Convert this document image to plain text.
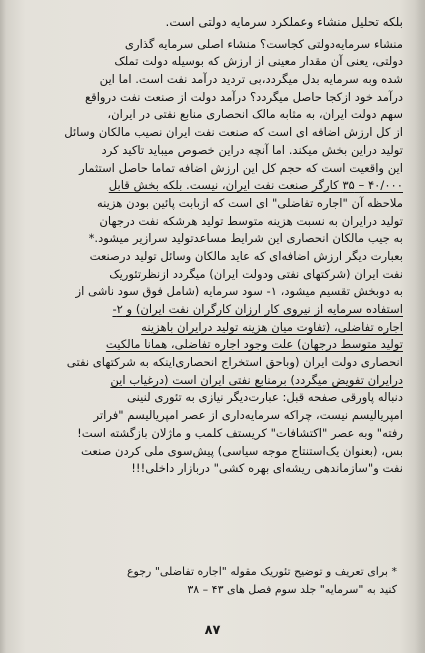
بلکه تحلیل منشاء وعملکرد سرمایه دولتی است.
منشاء سرمایه‌دولتی کجاست؟ منشاء اصلی سرمایه گذاری
دولتی، یعنی آن مقدار معینی از ارزش که بوسیله دولت تملک
شده وبه سرمایه بدل میگردد،بی تردید درآمد نفت است. اما این
درآمد خود ازکجا حاصل میگردد؟ درآمد دولت از صنعت نفت درواقع
سهم دولت ایران، به مثابه مالک انحصاری منابع نفتی در ایران،
از کل ارزش اضافه ای است که صنعت نفت ایران نصیب مالکان وسائل
تولید دراین بخش میکند. اما آنچه دراین خصوص میباید تاکید کرد
این واقعیت است که حجم کل این ارزش اضافه تماما حاصل استثمار
۴۰/۰۰۰ – ۳۵ کارگر صنعت نفت ایران، نیست. بلکه بخش قابل
ملاحظه آن "اجاره تفاضلی" ای است که ازبابت پائین بودن هزینه
تولید درایران به نسبت هزینه متوسط تولید هرشکه نفت درجهان
به جیب مالکان انحصاری این شرایط مساعدتولید سرازیر میشود.*
بعبارت دیگر ارزش اضافه‌ای که عاید مالکان وسائل تولید درصنعت
نفت ایران (شرکتهای نفتی ودولت ایران) میگردد ازنظرتئوریک
به دوبخش تقسیم میشود، ۱- سود سرمایه (شامل فوق سود ناشی از
استفاده سرمایه از نیروی کار ارزان کارگران نفت ایران) و ۲-
اجاره تفاضلی، (تفاوت میان هزینه تولید درایران باهزینه
تولید متوسط درجهان) علت وجود اجاره تفاضلی، همانا مالکیت
انحصاری دولت ایران (وباحق استخراج انحصاری‌اینکه به شرکتهای نفتی
درایران تفویض میگردد) برمنابع نفتی ایران است (درغیاب این
دنباله پاورقی صفحه قبل: عبارت‌دیگر نیازی به تئوری لنینی
امپریالیسم نیست، چراکه سرمایه‌داری از عصر امپریالیسم "فراتر
رفته" وبه عصر "اکتشافات" کریستف کلمب و ماژلان بازگشته است!
بس، (بعنوان یک‌استنتاج موجه سیاسی) پیش‌سوی ملی کردن صنعت
نفت و"سازماندهی ریشه‌ای بهره کشی" دربازار داخلی!!!
* برای تعریف و توضیح تئوریک مقوله "اجاره تفاضلی" رجوع
کنید به "سرمایه" جلد سوم فصل های ۴۳ – ۳۸
۸۷
